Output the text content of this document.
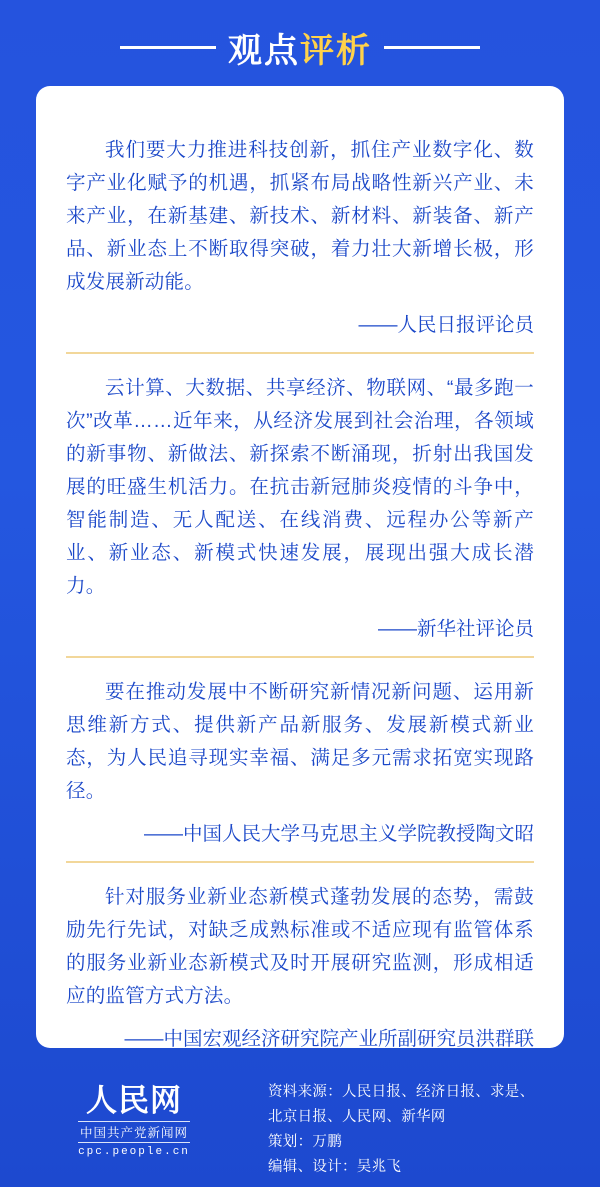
观点 评析

我们要大力推进科技创新，抓住产业数字化、数字产业化赋予的机遇，抓紧布局战略性新兴产业、未来产业，在新基建、新技术、新材料、新装备、新产品、新业态上不断取得突破，着力壮大新增长极，形成发展新动能。

——人民日报评论员

云计算、大数据、共享经济、物联网、“最多跑一次”改革……近年来，从经济发展到社会治理，各领域的新事物、新做法、新探索不断涌现，折射出我国发展的旺盛生机活力。在抗击新冠肺炎疫情的斗争中，智能制造、无人配送、在线消费、远程办公等新产业、新业态、新模式快速发展，展现出强大成长潜力。

——新华社评论员

要在推动发展中不断研究新情况新问题、运用新思维新方式、提供新产品新服务、发展新模式新业态，为人民追寻现实幸福、满足多元需求拓宽实现路径。

——中国人民大学马克思主义学院教授陶文昭

针对服务业新业态新模式蓬勃发展的态势，需鼓励先行先试，对缺乏成熟标准或不适应现有监管体系的服务业新业态新模式及时开展研究监测，形成相适应的监管方式方法。

——中国宏观经济研究院产业所副研究员洪群联

人民网
中国共产党新闻网
cpc.people.cn
资料来源：人民日报、经济日报、求是、
北京日报、人民网、新华网
策划：万鹏
编辑、设计：吴兆飞
